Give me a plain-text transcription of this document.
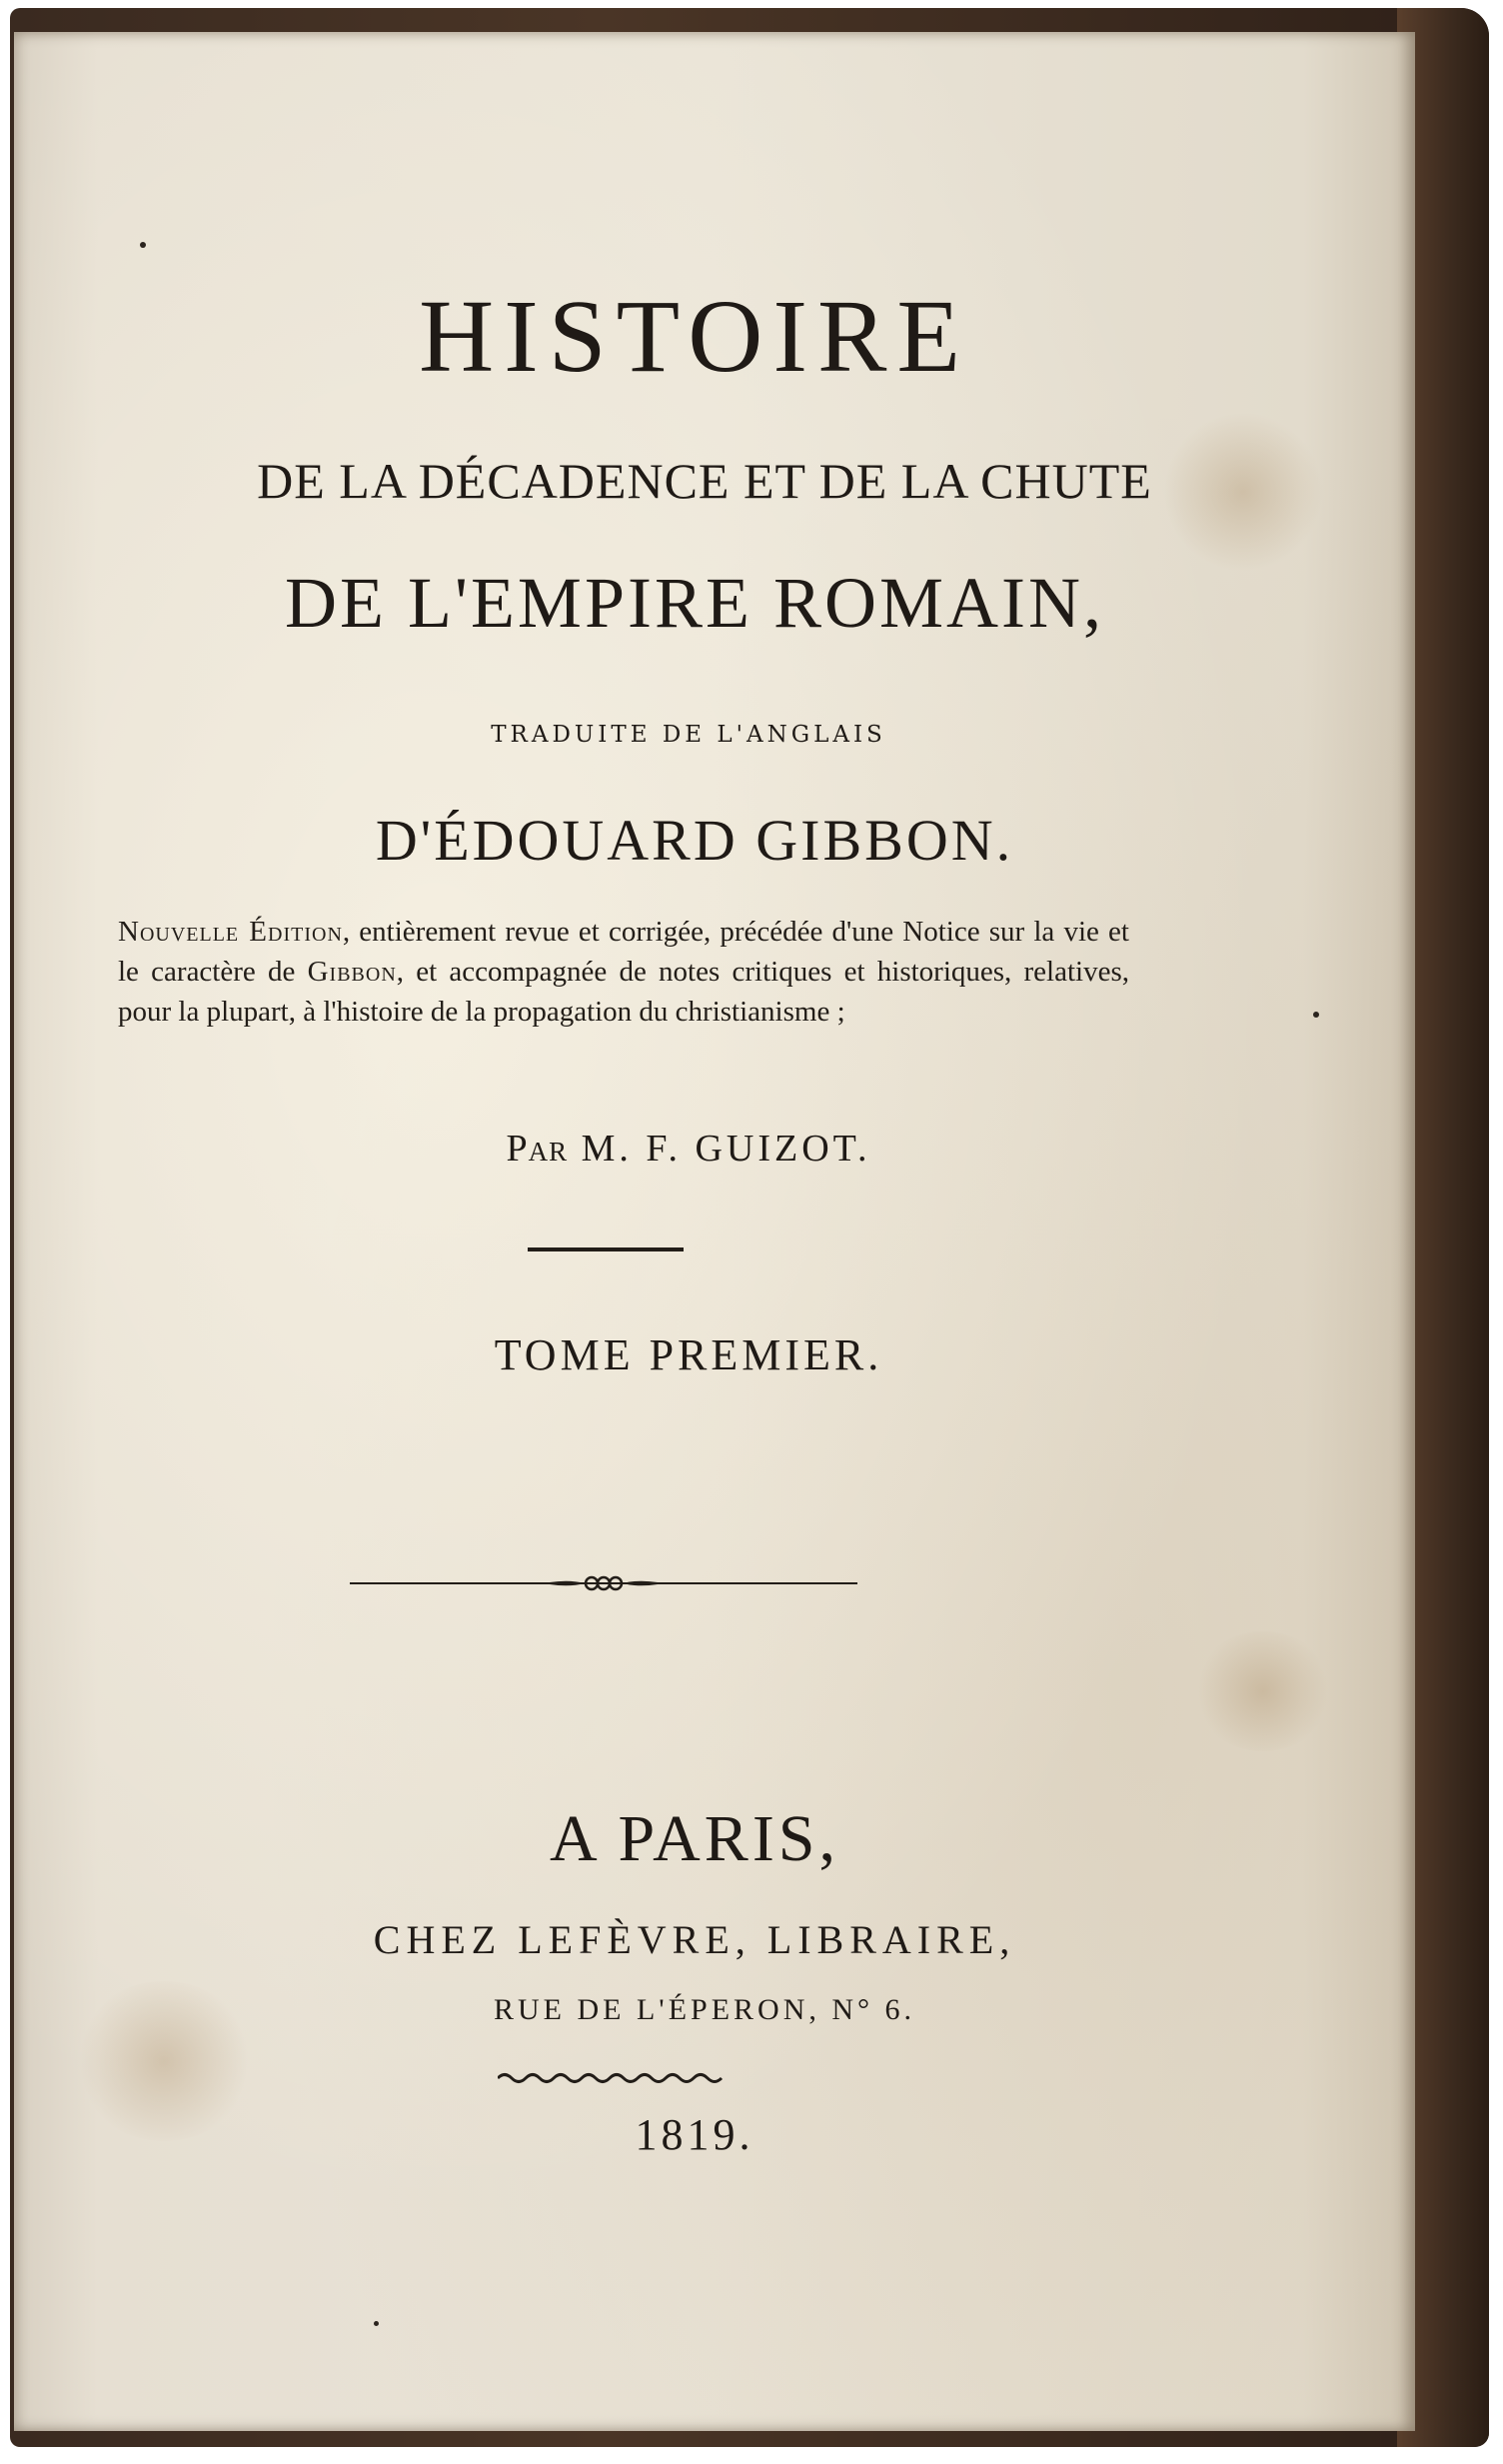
HISTOIRE

DE LA DÉCADENCE ET DE LA CHUTE

DE L'EMPIRE ROMAIN,

TRADUITE DE L'ANGLAIS

D'ÉDOUARD GIBBON.

Nouvelle Édition, entièrement revue et corrigée, précédée d'une Notice sur la vie et le caractère de Gibbon, et accompagnée de notes critiques et historiques, relatives, pour la plupart, à l'histoire de la propagation du christianisme ;

Par M. F. GUIZOT.

TOME PREMIER.

A PARIS,

CHEZ LEFÈVRE, LIBRAIRE,

RUE DE L'ÉPERON, N° 6.

1819.
